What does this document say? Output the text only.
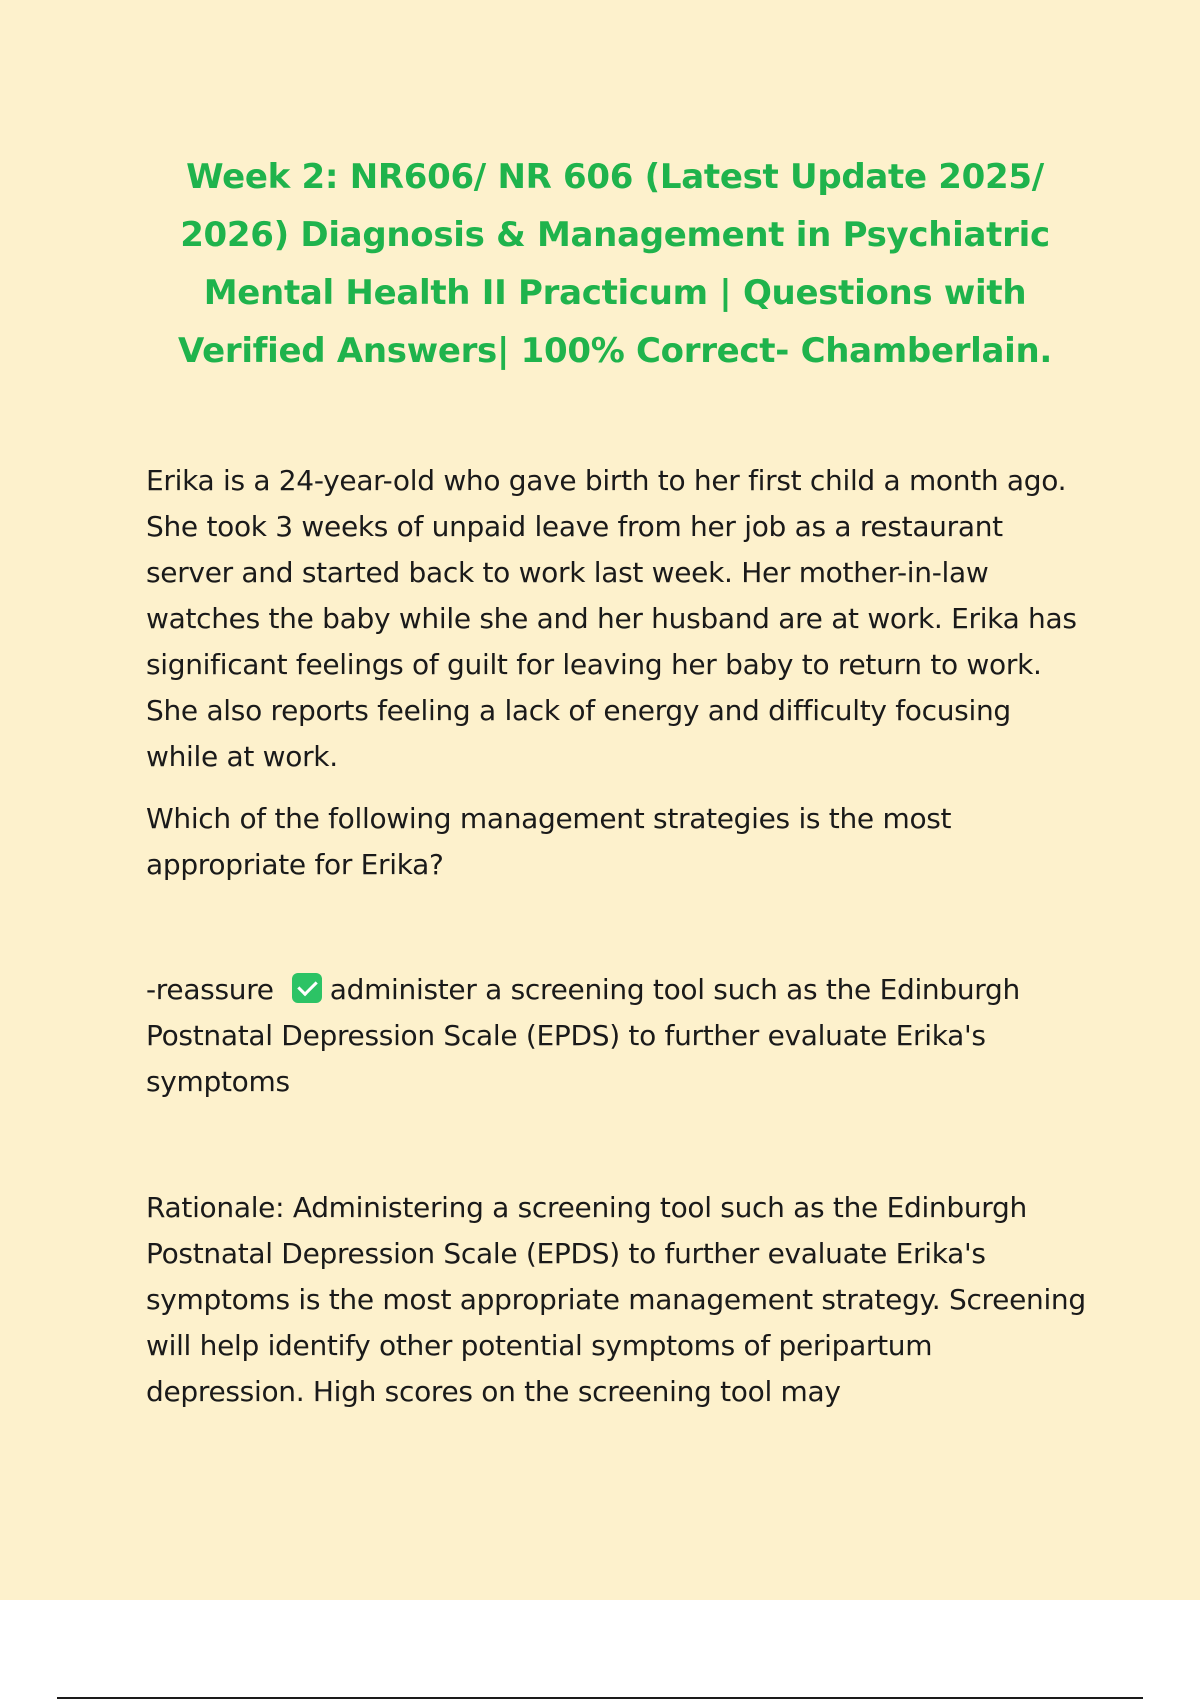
Week 2: NR606/ NR 606 (Latest Update 2025/ 2026) Diagnosis & Management in Psychiatric Mental Health II Practicum | Questions with Verified Answers| 100% Correct- Chamberlain.

Erika is a 24-year-old who gave birth to her first child a month ago. She took 3 weeks of unpaid leave from her job as a restaurant server and started back to work last week. Her mother-in-law watches the baby while she and her husband are at work. Erika has significant feelings of guilt for leaving her baby to return to work. She also reports feeling a lack of energy and difficulty focusing while at work.

Which of the following management strategies is the most appropriate for Erika?

-reassure administer a screening tool such as the Edinburgh Postnatal Depression Scale (EPDS) to further evaluate Erika's symptoms

Rationale: Administering a screening tool such as the Edinburgh Postnatal Depression Scale (EPDS) to further evaluate Erika's symptoms is the most appropriate management strategy. Screening will help identify other potential symptoms of peripartum depression. High scores on the screening tool may
